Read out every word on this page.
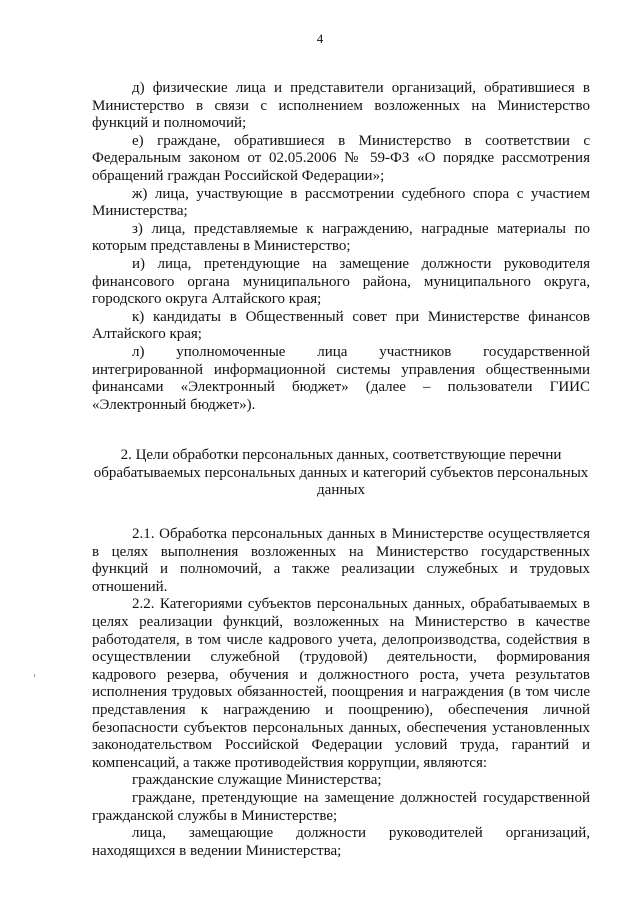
4

д) физические лица и представители организаций, обратившиеся в Министерство в связи с исполнением возложенных на Министерство функций и полномочий;

е) граждане, обратившиеся в Министерство в соответствии с Федеральным законом от 02.05.2006 № 59-ФЗ «О порядке рассмотрения обращений граждан Российской Федерации»;

ж) лица, участвующие в рассмотрении судебного спора с участием Министерства;

з) лица, представляемые к награждению, наградные материалы по которым представлены в Министерство;

и) лица, претендующие на замещение должности руководителя финансового органа муниципального района, муниципального округа, городского округа Алтайского края;

к) кандидаты в Общественный совет при Министерстве финансов Алтайского края;

л) уполномоченные лица участников государственной интегрированной информационной системы управления общественными финансами «Электронный бюджет» (далее – пользователи ГИИС «Электронный бюджет»).

2. Цели обработки персональных данных, соответствующие перечни обрабатываемых персональных данных и категорий субъектов персональных данных

2.1. Обработка персональных данных в Министерстве осуществляется в целях выполнения возложенных на Министерство государственных функций и полномочий, а также реализации служебных и трудовых отношений.

2.2. Категориями субъектов персональных данных, обрабатываемых в целях реализации функций, возложенных на Министерство в качестве работодателя, в том числе кадрового учета, делопроизводства, содействия в осуществлении служебной (трудовой) деятельности, формирования кадрового резерва, обучения и должностного роста, учета результатов исполнения трудовых обязанностей, поощрения и награждения (в том числе представления к награждению и поощрению), обеспечения личной безопасности субъектов персональных данных, обеспечения установленных законодательством Российской Федерации условий труда, гарантий и компенсаций, а также противодействия коррупции, являются:

гражданские служащие Министерства;

граждане, претендующие на замещение должностей государственной гражданской службы в Министерстве;

лица, замещающие должности руководителей организаций, находящихся в ведении Министерства;
